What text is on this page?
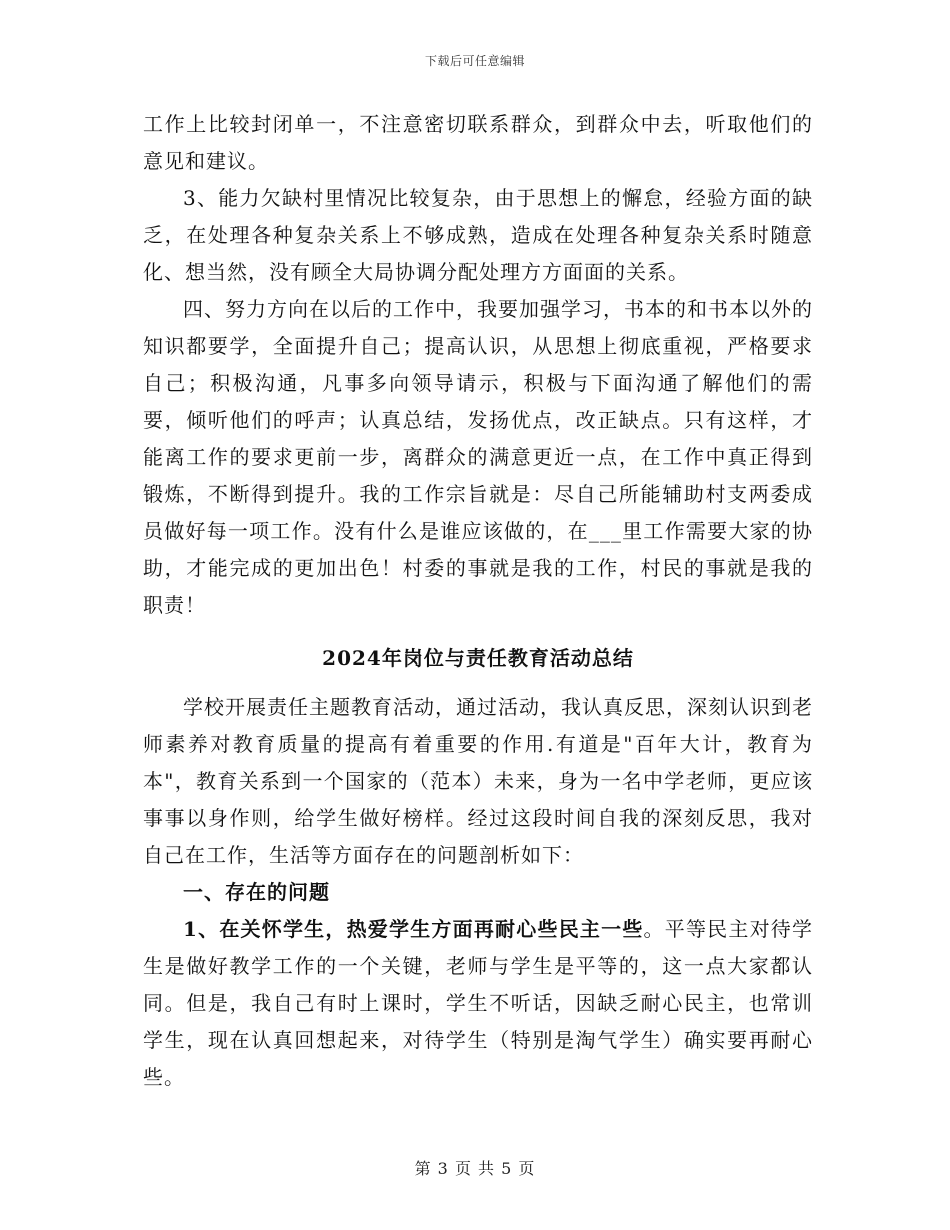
下载后可任意编辑

工作上比较封闭单一，不注意密切联系群众，到群众中去，听取他们的意见和建议。

3、能力欠缺村里情况比较复杂，由于思想上的懈怠，经验方面的缺乏，在处理各种复杂关系上不够成熟，造成在处理各种复杂关系时随意化、想当然，没有顾全大局协调分配处理方方面面的关系。

四、努力方向在以后的工作中，我要加强学习，书本的和书本以外的知识都要学，全面提升自己；提高认识，从思想上彻底重视，严格要求自己；积极沟通，凡事多向领导请示，积极与下面沟通了解他们的需要，倾听他们的呼声；认真总结，发扬优点，改正缺点。只有这样，才能离工作的要求更前一步，离群众的满意更近一点，在工作中真正得到锻炼，不断得到提升。我的工作宗旨就是：尽自己所能辅助村支两委成员做好每一项工作。没有什么是谁应该做的，在___里工作需要大家的协助，才能完成的更加出色！村委的事就是我的工作，村民的事就是我的职责！

2024年岗位与责任教育活动总结

学校开展责任主题教育活动，通过活动，我认真反思，深刻认识到老师素养对教育质量的提高有着重要的作用.有道是"百年大计，教育为本"，教育关系到一个国家的（范本）未来，身为一名中学老师，更应该事事以身作则，给学生做好榜样。经过这段时间自我的深刻反思，我对自己在工作，生活等方面存在的问题剖析如下：

一、存在的问题

1、在关怀学生，热爱学生方面再耐心些民主一些。平等民主对待学生是做好教学工作的一个关键，老师与学生是平等的，这一点大家都认同。但是，我自己有时上课时，学生不听话，因缺乏耐心民主，也常训学生，现在认真回想起来，对待学生（特别是淘气学生）确实要再耐心些。

第 3 页 共 5 页
